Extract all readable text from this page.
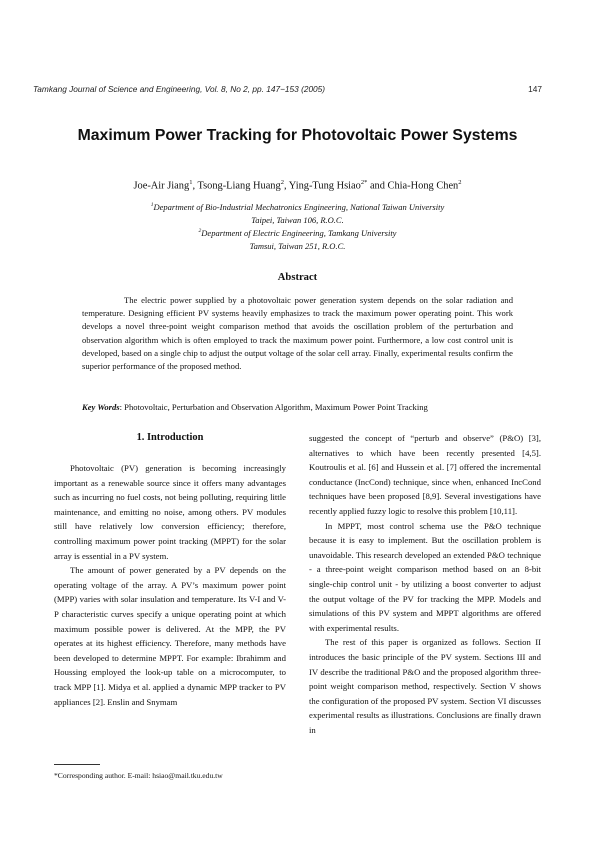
Tamkang Journal of Science and Engineering, Vol. 8, No 2, pp. 147−153 (2005)	147
Maximum Power Tracking for Photovoltaic Power Systems
Joe-Air Jiang$^1$, Tsong-Liang Huang$^2$, Ying-Tung Hsiao$^{2*}$ and Chia-Hong Chen$^2$
$^1$Department of Bio-Industrial Mechatronics Engineering, National Taiwan University
Taipei, Taiwan 106, R.O.C.
$^2$Department of Electric Engineering, Tamkang University
Tamsui, Taiwan 251, R.O.C.
Abstract
The electric power supplied by a photovoltaic power generation system depends on the solar radiation and temperature. Designing efficient PV systems heavily emphasizes to track the maximum power operating point. This work develops a novel three-point weight comparison method that avoids the oscillation problem of the perturbation and observation algorithm which is often employed to track the maximum power point. Furthermore, a low cost control unit is developed, based on a single chip to adjust the output voltage of the solar cell array. Finally, experimental results confirm the superior performance of the proposed method.
Key Words: Photovoltaic, Perturbation and Observation Algorithm, Maximum Power Point Tracking
1. Introduction

Photovoltaic (PV) generation is becoming increasingly important as a renewable source since it offers many advantages such as incurring no fuel costs, not being polluting, requiring little maintenance, and emitting no noise, among others. PV modules still have relatively low conversion efficiency; therefore, controlling maximum power point tracking (MPPT) for the solar array is essential in a PV system.

The amount of power generated by a PV depends on the operating voltage of the array. A PV’s maximum power point (MPP) varies with solar insulation and temperature. Its V-I and V-P characteristic curves specify a unique operating point at which maximum possible power is delivered. At the MPP, the PV operates at its highest efficiency. Therefore, many methods have been developed to determine MPPT. For example: Ibrahimm and Houssing employed the look-up table on a microcomputer, to track MPP [1]. Midya et al. applied a dynamic MPP tracker to PV appliances [2]. Enslin and Snymam

suggested the concept of “perturb and observe” (P&O) [3], alternatives to which have been recently presented [4,5]. Koutroulis et al. [6] and Hussein et al. [7] offered the incremental conductance (IncCond) technique, since when, enhanced IncCond techniques have been proposed [8,9]. Several investigations have recently applied fuzzy logic to resolve this problem [10,11].

In MPPT, most control schema use the P&O technique because it is easy to implement. But the oscillation problem is unavoidable. This research developed an extended P&O technique - a three-point weight comparison method based on an 8-bit single-chip control unit - by utilizing a boost converter to adjust the output voltage of the PV for tracking the MPP. Models and simulations of this PV system and MPPT algorithms are offered with experimental results.

The rest of this paper is organized as follows. Section II introduces the basic principle of the PV system. Sections III and IV describe the traditional P&O and the proposed algorithm three-point weight comparison method, respectively. Section V shows the configuration of the proposed PV system. Section VI discusses experimental results as illustrations. Conclusions are finally drawn in

*Corresponding author. E-mail: hsiao@mail.tku.edu.tw
